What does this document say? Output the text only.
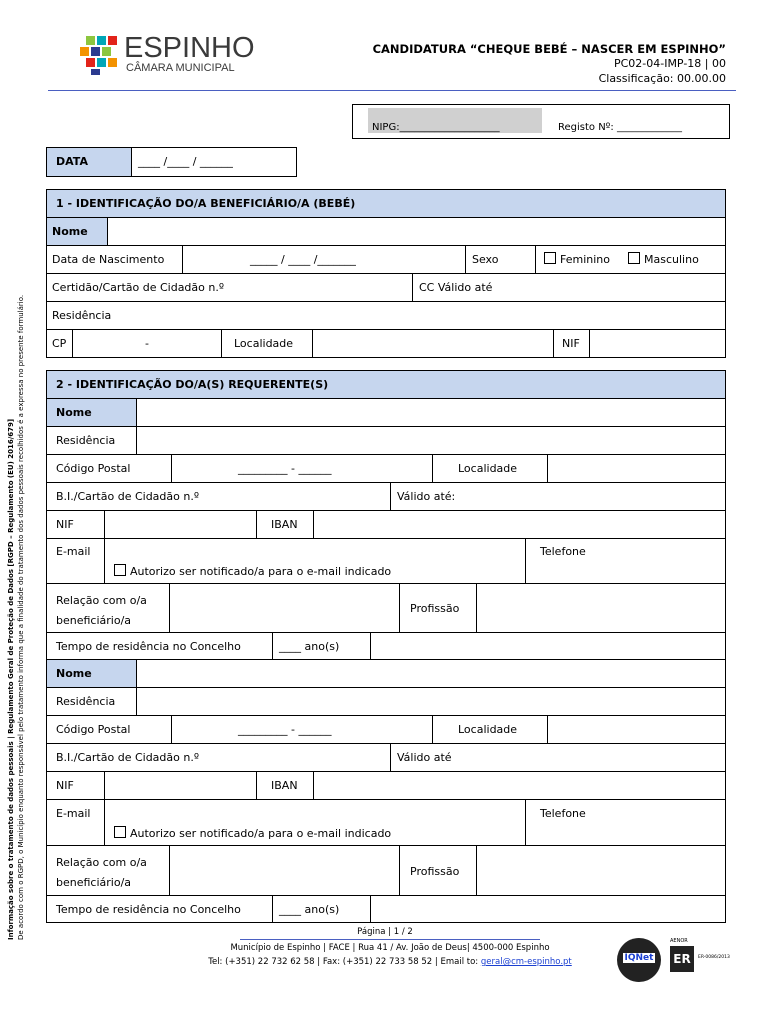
ESPINHO
CÂMARA MUNICIPAL
CANDIDATURA “CHEQUE BEBÉ – NASCER EM ESPINHO”
PC02-04-IMP-18 | 00
Classificação: 00.00.00
NIPG:____________________	Registo Nº: _____________
DATA	____ /____ / ______
1 - IDENTIFICAÇÃO DO/A BENEFICIÁRIO/A (BEBÉ)
Nome
Data de Nascimento	_____ / ____ /_______	Sexo	Feminino	Masculino
Certidão/Cartão de Cidadão n.º	CC Válido até
Residência
CP	-	Localidade	NIF
2 - IDENTIFICAÇÃO DO/A(S) REQUERENTE(S)
Nome
Residência
Código Postal	_________ - ______	Localidade
B.I./Cartão de Cidadão n.º	Válido até:
NIF	IBAN
E-mail	Telefone
Autorizo ser notificado/a para o e-mail indicado
Relação com o/a
beneficiário/a
Profissão
Tempo de residência no Concelho	____ ano(s)
Nome
Residência
Código Postal	_________ - ______	Localidade
B.I./Cartão de Cidadão n.º	Válido até
NIF	IBAN
E-mail	Telefone
Autorizo ser notificado/a para o e-mail indicado
Relação com o/a
beneficiário/a
Profissão
Tempo de residência no Concelho	____ ano(s)
Informação sobre o tratamento de dados pessoais | Regulamento Geral de Proteção de Dados [RGPD – Regulamento (EU) 2016/679] De acordo com o RGPD, o Município enquanto responsável pelo tratamento informa que a finalidade do tratamento dos dados pessoais recolhidos é a expressa no presente formulário.	Página | 1 / 2
Município de Espinho | FACE | Rua 41 / Av. João de Deus| 4500-000 Espinho
Tel: (+351) 22 732 62 58 | Fax: (+351) 22 733 58 52 | Email to: geral@cm-espinho.pt	IQNet
AENOR
ER	ER-0086/2013
